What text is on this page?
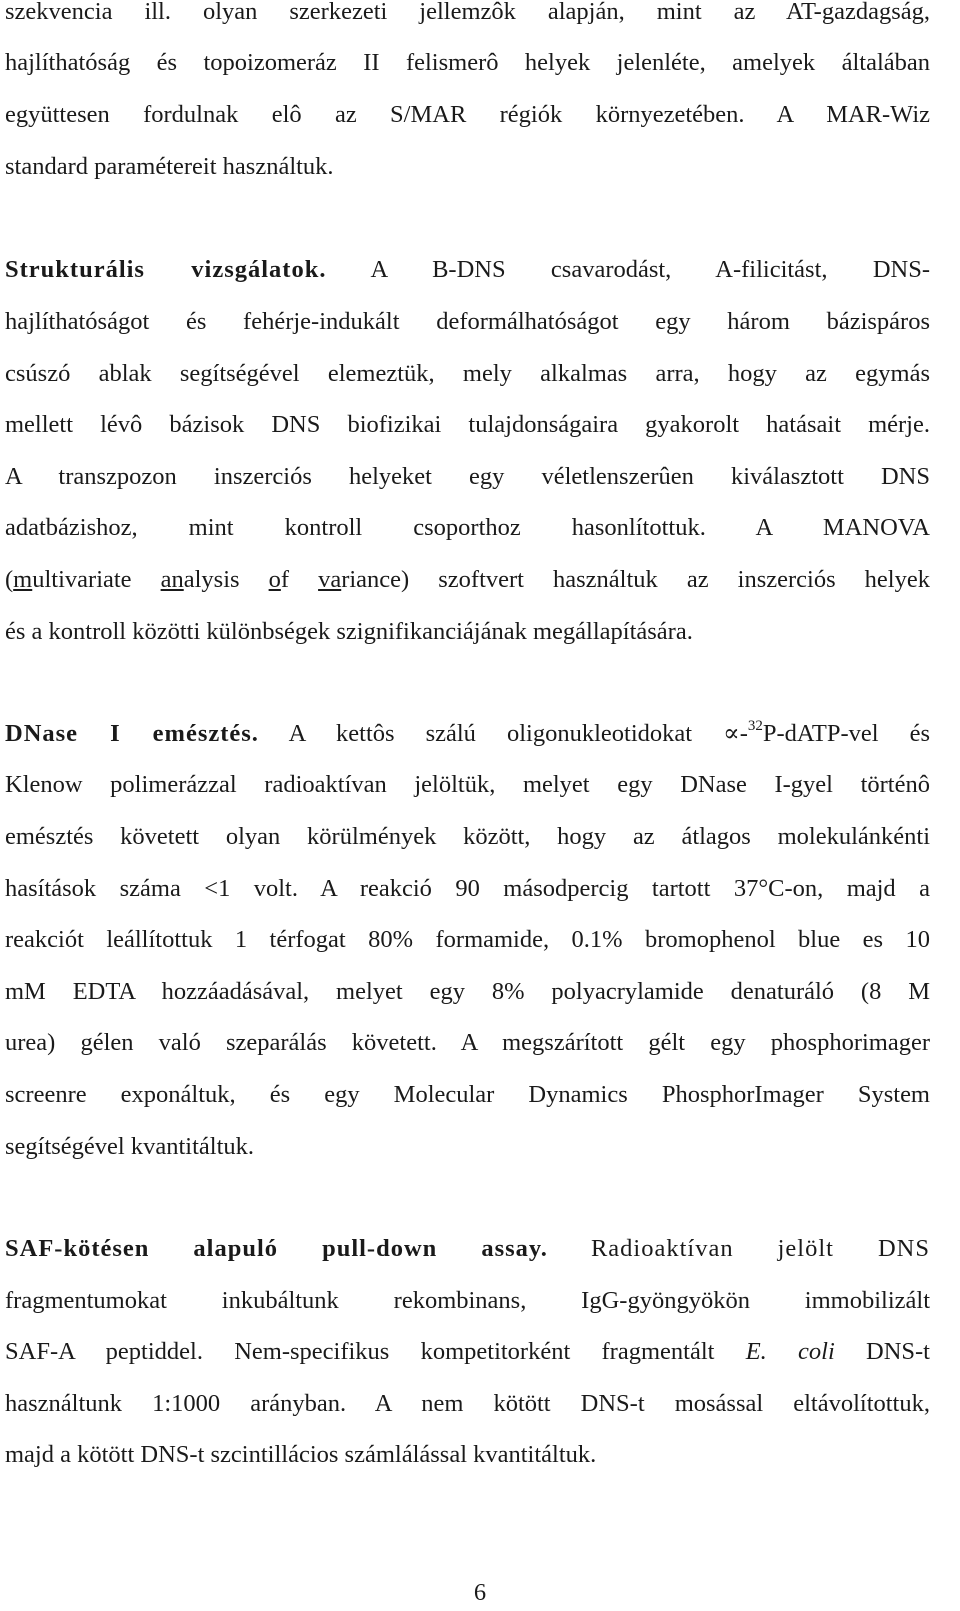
szekvencia ill. olyan szerkezeti jellemzôk alapján, mint az AT-gazdagság,
hajlíthatóság és topoizomeráz II felismerô helyek jelenléte, amelyek általában
együttesen fordulnak elô az S/MAR régiók környezetében. A MAR-Wiz
standard paramétereit használtuk.
Strukturális vizsgálatok. A B-DNS csavarodást, A-filicitást, DNS-
hajlíthatóságot és fehérje-indukált deformálhatóságot egy három bázispáros
csúszó ablak segítségével elemeztük, mely alkalmas arra, hogy az egymás
mellett lévô bázisok DNS biofizikai tulajdonságaira gyakorolt hatásait mérje.
A transzpozon inszerciós helyeket egy véletlenszerûen kiválasztott DNS
adatbázishoz, mint kontroll csoporthoz hasonlítottuk. A MANOVA
(multivariate analysis of variance) szoftvert használtuk az inszerciós helyek
és a kontroll közötti különbségek szignifikanciájának megállapítására.
DNase I emésztés. A kettôs szálú oligonukleotidokat ∝-$^{32}$P-dATP-vel és
Klenow polimerázzal radioaktívan jelöltük, melyet egy DNase I-gyel történô
emésztés követett olyan körülmények között, hogy az átlagos molekulánkénti
hasítások száma <1 volt. A reakció 90 másodpercig tartott 37°C-on, majd a
reakciót leállítottuk 1 térfogat 80% formamide, 0.1% bromophenol blue es 10
mM EDTA hozzáadásával, melyet egy 8% polyacrylamide denaturáló (8 M
urea) gélen való szeparálás követett. A megszárított gélt egy phosphorimager
screenre exponáltuk, és egy Molecular Dynamics PhosphorImager System
segítségével kvantitáltuk.
SAF-kötésen alapuló pull-down assay. Radioaktívan jelölt DNS
fragmentumokat inkubáltunk rekombinans, IgG-gyöngyökön immobilizált
SAF-A peptiddel. Nem-specifikus kompetitorként fragmentált E. coli DNS-t
használtunk 1:1000 arányban. A nem kötött DNS-t mosással eltávolítottuk,
majd a kötött DNS-t szcintillácios számlálással kvantitáltuk.
6
